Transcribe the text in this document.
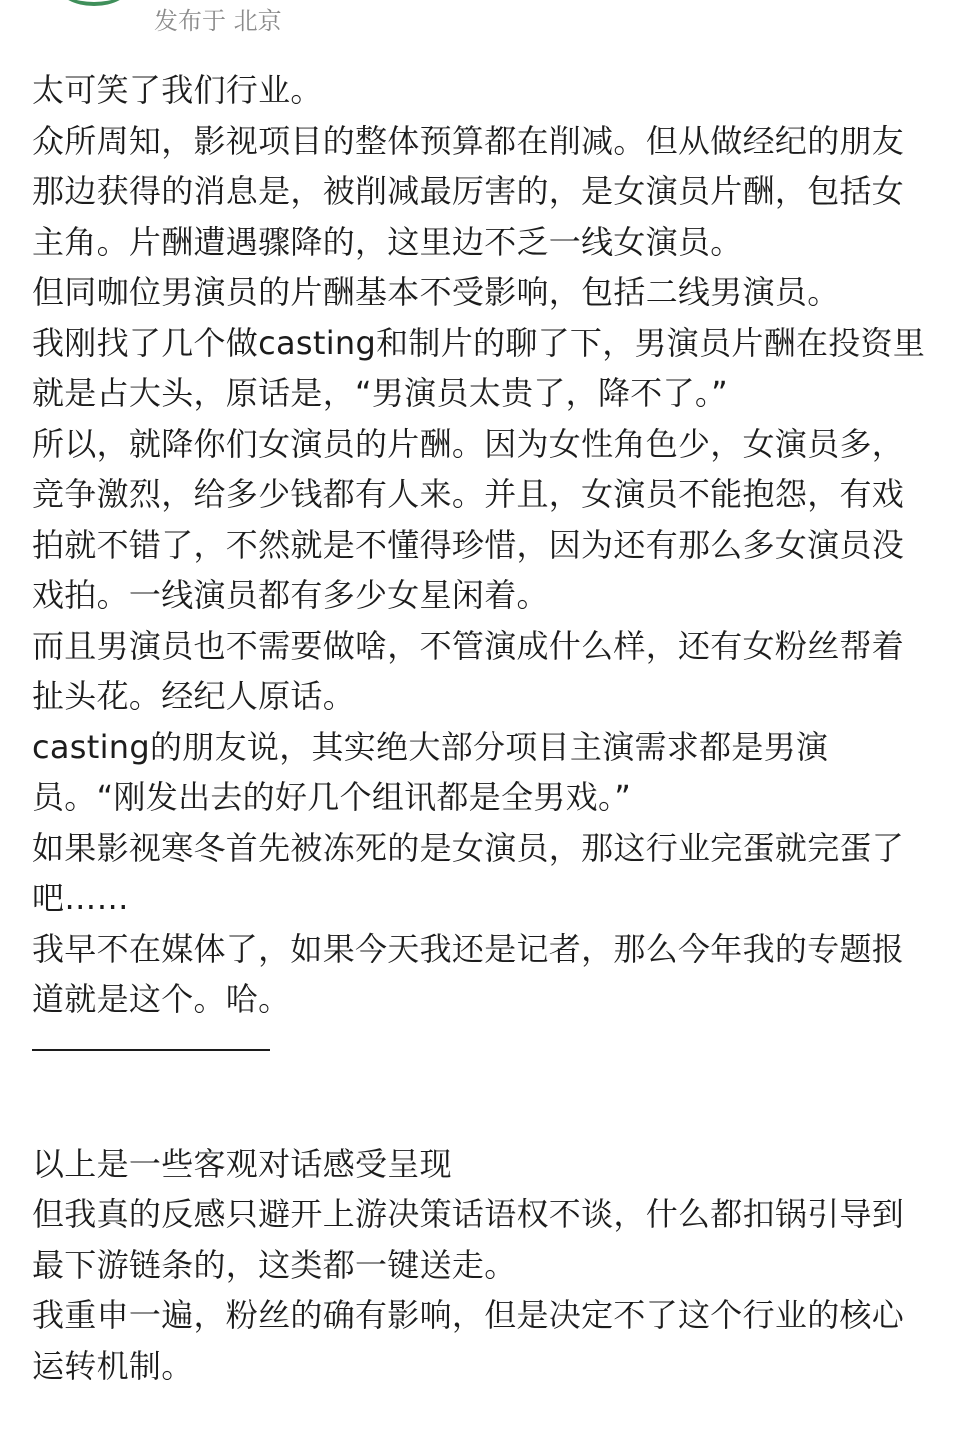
发布于 北京
太可笑了我们行业。
众所周知，影视项目的整体预算都在削减。但从做经纪的朋友那边获得的消息是，被削减最厉害的，是女演员片酬，包括女主角。片酬遭遇骤降的，这里边不乏一线女演员。
但同咖位男演员的片酬基本不受影响，包括二线男演员。
我刚找了几个做casting和制片的聊了下，男演员片酬在投资里就是占大头，原话是，“男演员太贵了，降不了。”
所以，就降你们女演员的片酬。因为女性角色少，女演员多，竞争激烈，给多少钱都有人来。并且，女演员不能抱怨，有戏拍就不错了，不然就是不懂得珍惜，因为还有那么多女演员没戏拍。一线演员都有多少女星闲着。
而且男演员也不需要做啥，不管演成什么样，还有女粉丝帮着扯头花。经纪人原话。
casting的朋友说，其实绝大部分项目主演需求都是男演员。“刚发出去的好几个组讯都是全男戏。”
如果影视寒冬首先被冻死的是女演员，那这行业完蛋就完蛋了吧……
我早不在媒体了，如果今天我还是记者，那么今年我的专题报道就是这个。哈。
以上是一些客观对话感受呈现
但我真的反感只避开上游决策话语权不谈，什么都扣锅引导到最下游链条的，这类都一键送走。
我重申一遍，粉丝的确有影响，但是决定不了这个行业的核心运转机制。
